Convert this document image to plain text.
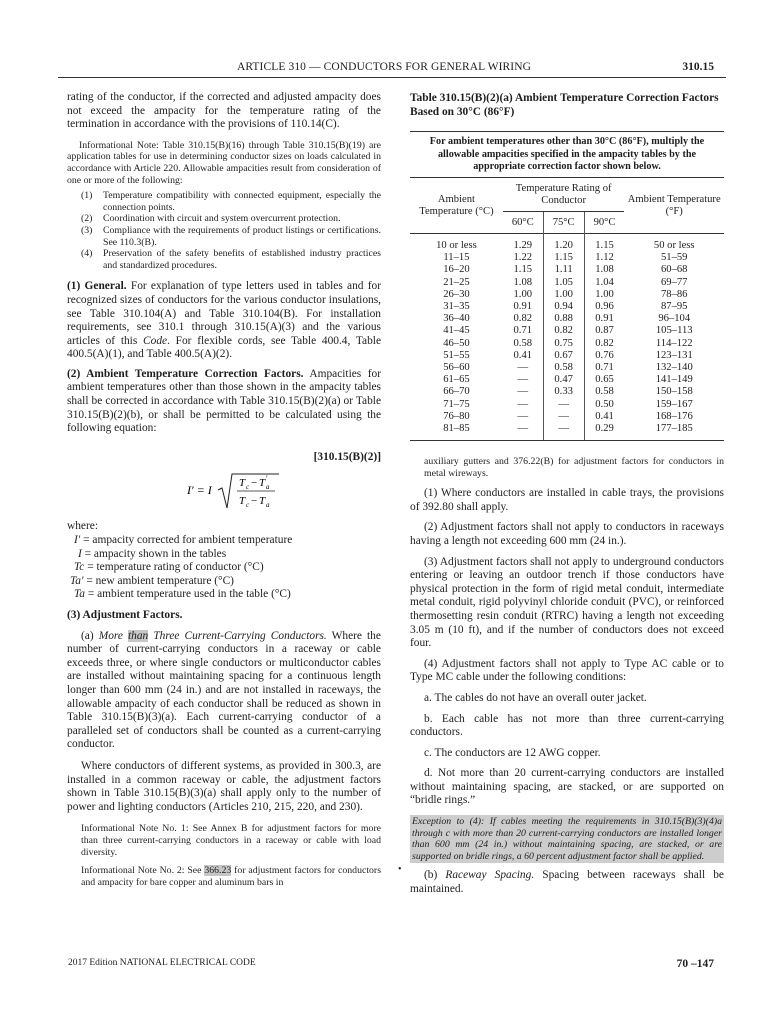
ARTICLE 310 — CONDUCTORS FOR GENERAL WIRING	310.15

rating of the conductor, if the corrected and adjusted ampacity does not exceed the ampacity for the temperature rating of the termination in accordance with the provisions of 110.14(C).

Informational Note: Table 310.15(B)(16) through Table 310.15(B)(19) are application tables for use in determining conductor sizes on loads calculated in accordance with Article 220. Allowable ampacities result from consideration of one or more of the following:

(1) Temperature compatibility with connected equipment, especially the connection points.
(2) Coordination with circuit and system overcurrent protection.
(3) Compliance with the requirements of product listings or certifications. See 110.3(B).
(4) Preservation of the safety benefits of established industry practices and standardized procedures.

(1) General. For explanation of type letters used in tables and for recognized sizes of conductors for the various conductor insulations, see Table 310.104(A) and Table 310.104(B). For installation requirements, see 310.1 through 310.15(A)(3) and the various articles of this Code. For flexible cords, see Table 400.4, Table 400.5(A)(1), and Table 400.5(A)(2).

(2) Ambient Temperature Correction Factors. Ampacities for ambient temperatures other than those shown in the ampacity tables shall be corrected in accordance with Table 310.15(B)(2)(a) or Table 310.15(B)(2)(b), or shall be permitted to be calculated using the following equation:

[310.15(B)(2)]
I′ = I T c − T a
′
T c − T a
where:
I′ = ampacity corrected for ambient temperature
I = ampacity shown in the tables
Tc = temperature rating of conductor (°C)
Ta′ = new ambient temperature (°C)
Ta = ambient temperature used in the table (°C)

(3) Adjustment Factors.

(a) More than Three Current-Carrying Conductors. Where the number of current-carrying conductors in a raceway or cable exceeds three, or where single conductors or multiconductor cables are installed without maintaining spacing for a continuous length longer than 600 mm (24 in.) and are not installed in raceways, the allowable ampacity of each conductor shall be reduced as shown in Table 310.15(B)(3)(a). Each current-carrying conductor of a paralleled set of conductors shall be counted as a current-carrying conductor.

Where conductors of different systems, as provided in 300.3, are installed in a common raceway or cable, the adjustment factors shown in Table 310.15(B)(3)(a) shall apply only to the number of power and lighting conductors (Articles 210, 215, 220, and 230).

Informational Note No. 1: See Annex B for adjustment factors for more than three current-carrying conductors in a raceway or cable with load diversity.

Informational Note No. 2: See 366.23 for adjustment factors for conductors and ampacity for bare copper and aluminum bars in

Table 310.15(B)(2)(a) Ambient Temperature Correction Factors Based on 30°C (86°F)
For ambient temperatures other than 30°C (86°F), multiply the allowable ampacities specified in the ampacity tables by the appropriate correction factor shown below.
Ambient Temperature (°C)	Temperature Rating of Conductor			Ambient Temperature (°F)
	60°C	75°C	90°C	
10 or less	1.29	1.20	1.15	50 or less
11–15	1.22	1.15	1.12	51–59
16–20	1.15	1.11	1.08	60–68
21–25	1.08	1.05	1.04	69–77
26–30	1.00	1.00	1.00	78–86
31–35	0.91	0.94	0.96	87–95
36–40	0.82	0.88	0.91	96–104
41–45	0.71	0.82	0.87	105–113
46–50	0.58	0.75	0.82	114–122
51–55	0.41	0.67	0.76	123–131
56–60	—	0.58	0.71	132–140
61–65	—	0.47	0.65	141–149
66–70	—	0.33	0.58	150–158
71–75	—	—	0.50	159–167
76–80	—	—	0.41	168–176
81–85	—	—	0.29	177–185

auxiliary gutters and 376.22(B) for adjustment factors for conductors in metal wireways.

(1) Where conductors are installed in cable trays, the provisions of 392.80 shall apply.

(2) Adjustment factors shall not apply to conductors in raceways having a length not exceeding 600 mm (24 in.).

(3) Adjustment factors shall not apply to underground conductors entering or leaving an outdoor trench if those conductors have physical protection in the form of rigid metal conduit, intermediate metal conduit, rigid polyvinyl chloride conduit (PVC), or reinforced thermosetting resin conduit (RTRC) having a length not exceeding 3.05 m (10 ft), and if the number of conductors does not exceed four.

(4) Adjustment factors shall not apply to Type AC cable or to Type MC cable under the following conditions:

a. The cables do not have an overall outer jacket.

b. Each cable has not more than three current-carrying conductors.

c. The conductors are 12 AWG copper.

d. Not more than 20 current-carrying conductors are installed without maintaining spacing, are stacked, or are supported on “bridle rings.”

Exception to (4): If cables meeting the requirements in 310.15(B)(3)(4)a through c with more than 20 current-carrying conductors are installed longer than 600 mm (24 in.) without maintaining spacing, are stacked, or are supported on bridle rings, a 60 percent adjustment factor shall be applied.

• (b) Raceway Spacing. Spacing between raceways shall be maintained.

2017 Edition NATIONAL ELECTRICAL CODE	70 –147
